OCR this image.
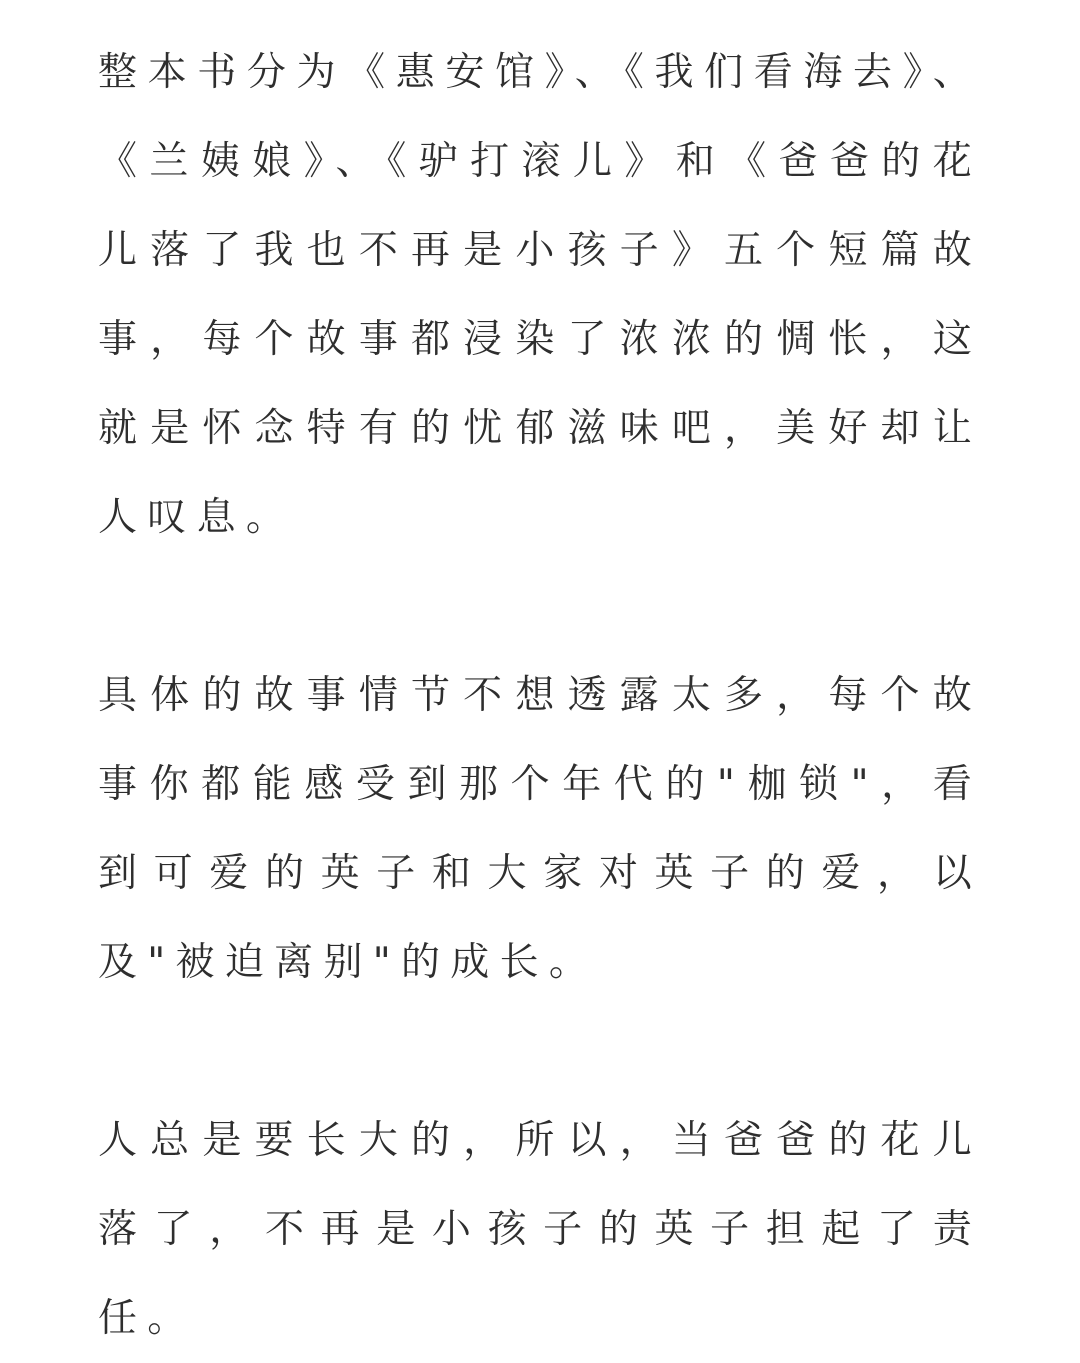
整本书分为《惠安馆》、《我们看海去》、《兰姨娘》、《驴打滚儿》和《爸爸的花儿落了我也不再是小孩子》五个短篇故事，每个故事都浸染了浓浓的惆怅，这就是怀念特有的忧郁滋味吧，美好却让人叹息。

具体的故事情节不想透露太多，每个故事你都能感受到那个年代的"枷锁"，看到可爱的英子和大家对英子的爱，以及"被迫离别"的成长。

人总是要长大的，所以，当爸爸的花儿落了，不再是小孩子的英子担起了责任。
